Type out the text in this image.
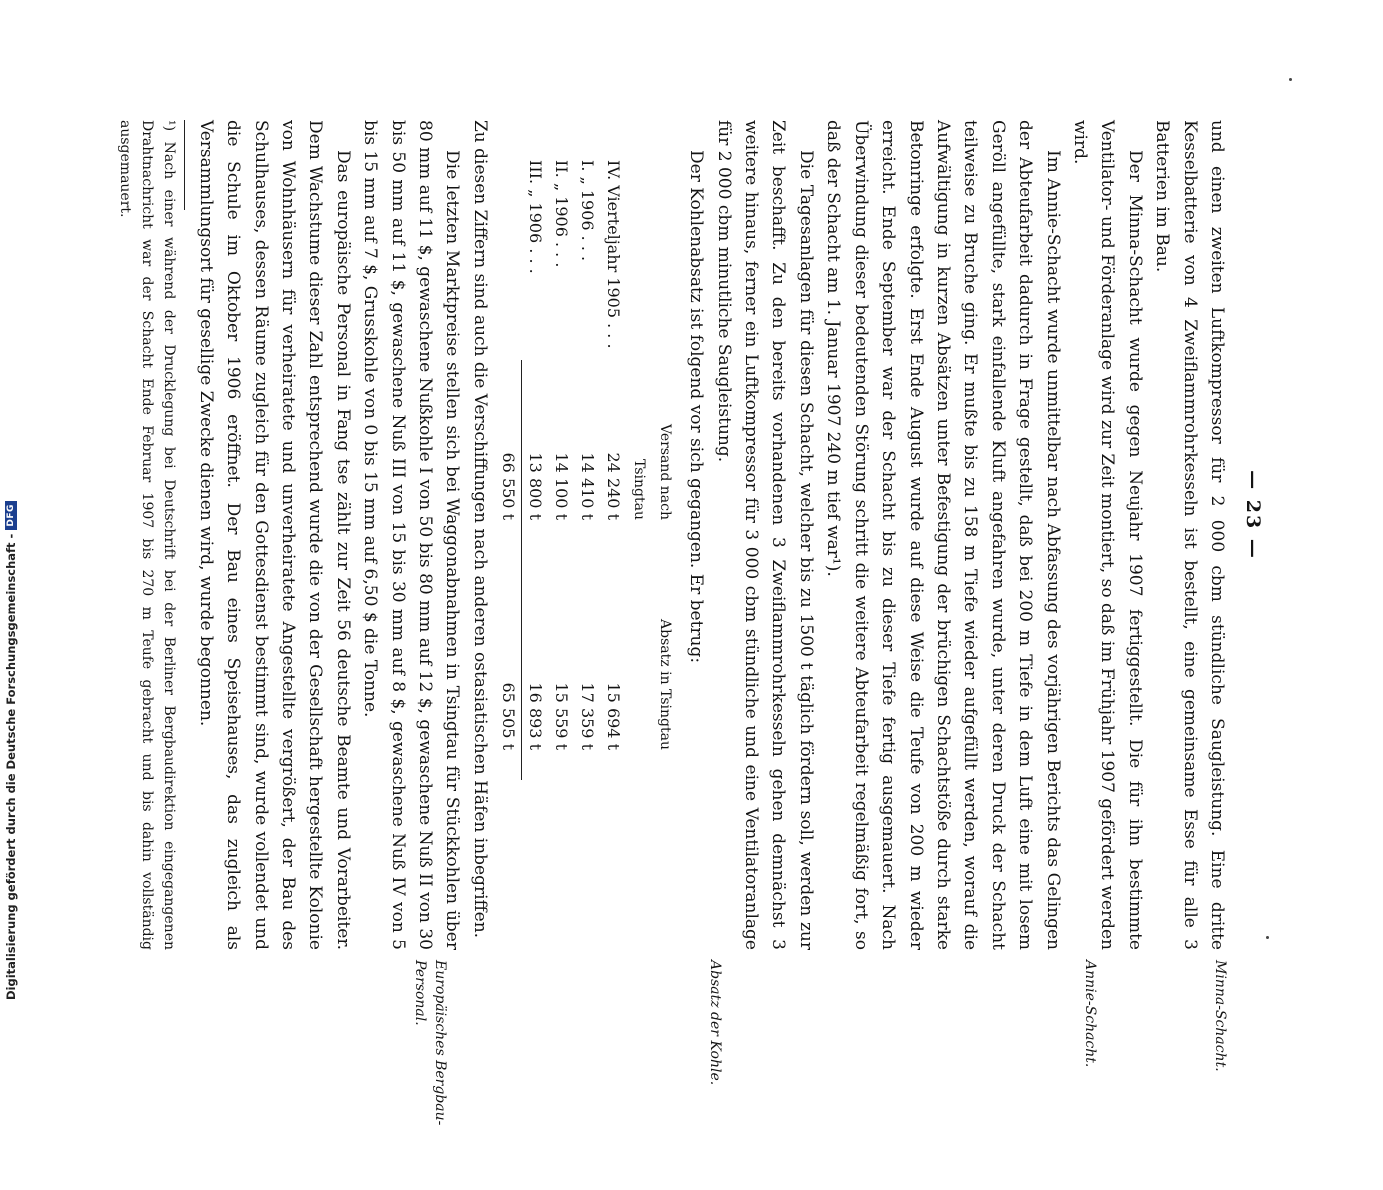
— 23 —
Minna-Schacht.
Annie-Schacht.
Absatz der Kohle.
Europäisches Bergbau-Personal.

und einen zweiten Luftkompressor für 2 000 cbm stündliche Saugleistung. Eine dritte Kesselbatterie von 4 Zweiflammrohrkesseln ist bestellt, eine gemeinsame Esse für alle 3 Batterien im Bau.

Der Minna-Schacht wurde gegen Neujahr 1907 fertiggestellt. Die für ihn bestimmte Ventilator- und Förderanlage wird zur Zeit montiert, so daß im Frühjahr 1907 gefördert werden wird.

Im Annie-Schacht wurde unmittelbar nach Abfassung des vorjährigen Berichts das Gelingen der Abteufarbeit dadurch in Frage gestellt, daß bei 200 m Tiefe in dem Luft eine mit losem Geröll angefüllte, stark einfallende Kluft angefahren wurde, unter deren Druck der Schacht teilweise zu Bruche ging. Er mußte bis zu 158 m Tiefe wieder aufgefüllt werden, worauf die Aufwältigung in kurzen Absätzen unter Befestigung der brüchigen Schachtstöße durch starke Betonringe erfolgte. Erst Ende August wurde auf diese Weise die Teufe von 200 m wieder erreicht. Ende September war der Schacht bis zu dieser Tiefe fertig ausgemauert. Nach Überwindung dieser bedeutenden Störung schritt die weitere Abteufarbeit regelmäßig fort, so daß der Schacht am 1. Januar 1907 240 m tief war¹).

Die Tagesanlagen für diesen Schacht, welcher bis zu 1500 t täglich fördern soll, werden zur Zeit beschafft. Zu den bereits vorhandenen 3 Zweiflammrohrkesseln gehen demnächst 3 weitere hinaus, ferner ein Luftkompressor für 3 000 cbm stündliche und eine Ventilatoranlage für 2 000 cbm minutliche Saugleistung.

Der Kohlenabsatz ist folgend vor sich gegangen. Er betrug:

Versand nach Tsingtau
Absatz in Tsingtau
IV. Vierteljahr 1905 . . .
24 240 t
15 694 t
I. „ 1906 . . .
14 410 t
17 359 t
II. „ 1906 . . .
14 100 t
15 559 t
III. „ 1906 . . .
13 800 t
16 893 t
66 550 t
65 505 t

Zu diesen Ziffern sind auch die Verschiffungen nach anderen ostasiatischen Häfen inbegriffen.

Die letzten Marktpreise stellen sich bei Waggonabnahmen in Tsingtau für Stückkohlen über 80 mm auf 11 $, gewaschene Nußkohle I von 50 bis 80 mm auf 12 $, gewaschene Nuß II von 30 bis 50 mm auf 11 $, gewaschene Nuß III von 15 bis 30 mm auf 8 $, gewaschene Nuß IV von 5 bis 15 mm auf 7 $, Grusskohle von 0 bis 15 mm auf 6,50 $ die Tonne.

Das europäische Personal in Fang tse zählt zur Zeit 56 deutsche Beamte und Vorarbeiter. Dem Wachstume dieser Zahl entsprechend wurde die von der Gesellschaft hergestellte Kolonie von Wohnhäusern für verheiratete und unverheiratete Angestellte vergrößert, der Bau des Schulhauses, dessen Räume zugleich für den Gottesdienst bestimmt sind, wurde vollendet und die Schule im Oktober 1906 eröffnet. Der Bau eines Speisehauses, das zugleich als Versammlungsort für gesellige Zwecke dienen wird, wurde begonnen.

¹) Nach einer während der Drucklegung bei Deutschrift bei der Berliner Bergbaudirektion eingegangenen Drahtnachricht war der Schacht Ende Februar 1907 bis 270 m Teufe gebracht und bis dahin vollständig ausgemauert.

Digitalisierung gefördert durch die Deutsche Forschungsgemeinschaft -
DFG
